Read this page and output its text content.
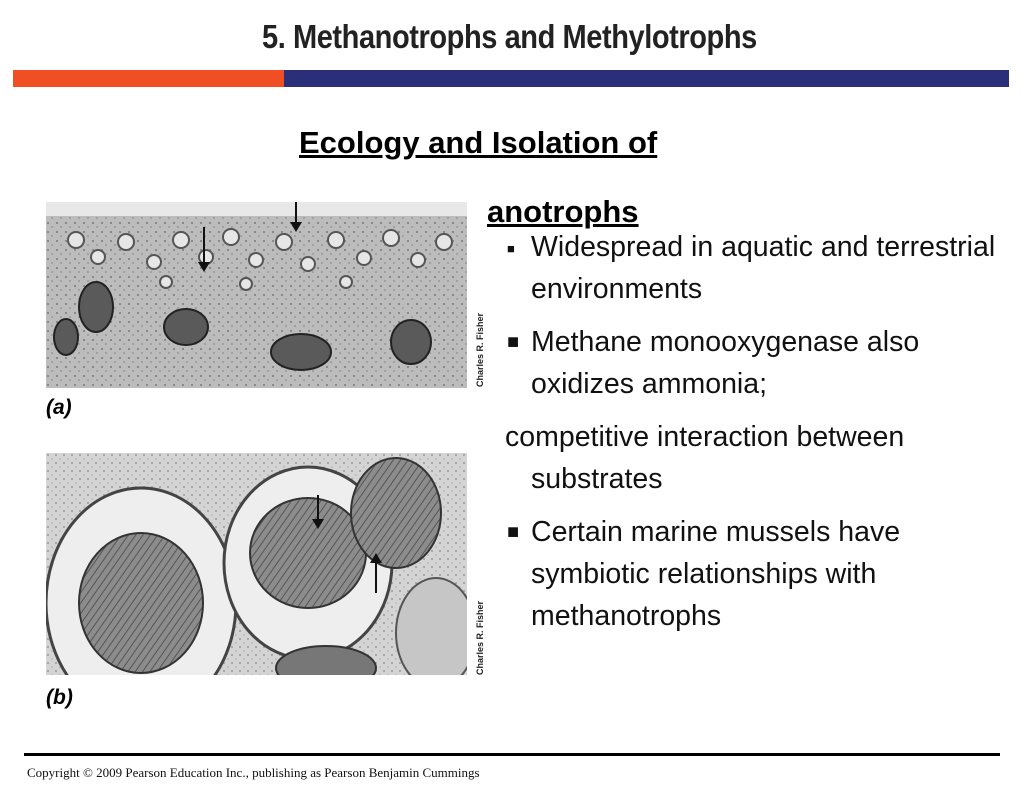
5. Methanotrophs and Methylotrophs
Charles R. Fisher

(a)

Charles R. Fisher

(b)

Ecology and Isolation of
■ Widespread in aquatic and terrestrial environments
■ Methane monooxygenase also oxidizes ammonia;
competitive interaction between substrates
■ Certain marine mussels have symbiotic relationships with methanotrophs
anotrophs
Copyright © 2009 Pearson Education Inc., publishing as Pearson Benjamin Cummings
